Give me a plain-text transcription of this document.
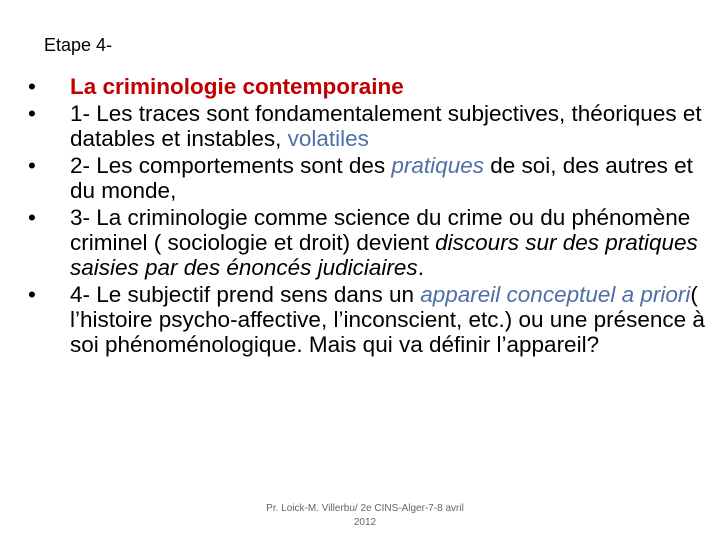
Etape 4-
•	La criminologie contemporaine
•	1- Les traces sont fondamentalement subjectives, théoriques et datables et instables, volatiles
•	2- Les comportements sont des pratiques de soi, des autres et du monde,
•	3- La criminologie comme science du crime ou du phénomène criminel ( sociologie et droit) devient discours sur des pratiques saisies par des énoncés judiciaires.
•	4- Le subjectif prend sens dans un appareil conceptuel a priori( l’histoire psycho-affective, l’inconscient, etc.) ou une présence à soi phénoménologique. Mais qui va définir l’appareil?
Pr. Loick-M. Villerbu/ 2e CINS-Alger-7-8 avril 2012
